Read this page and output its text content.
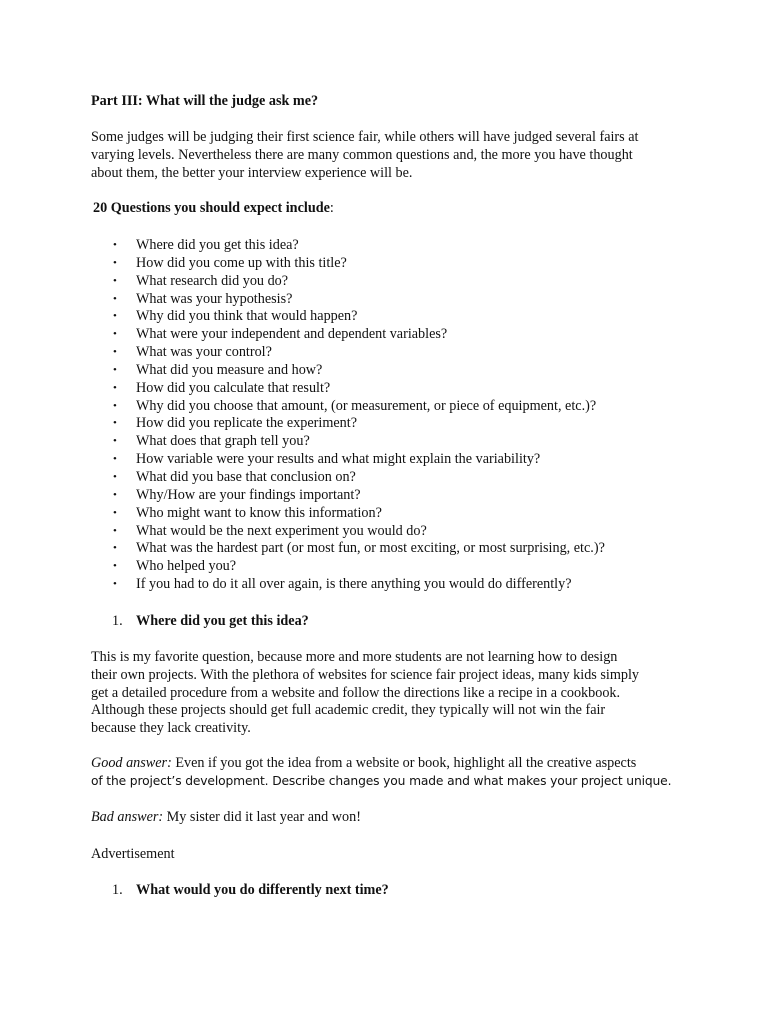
Part III: What will the judge ask me?

Some judges will be judging their first science fair, while others will have judged several fairs at

varying levels. Nevertheless there are many common questions and, the more you have thought

about them, the better your interview experience will be.

20 Questions you should expect include:
• Where did you get this idea?
• How did you come up with this title?
• What research did you do?
• What was your hypothesis?
• Why did you think that would happen?
• What were your independent and dependent variables?
• What was your control?
• What did you measure and how?
• How did you calculate that result?
• Why did you choose that amount, (or measurement, or piece of equipment, etc.)?
• How did you replicate the experiment?
• What does that graph tell you?
• How variable were your results and what might explain the variability?
• What did you base that conclusion on?
• Why/How are your findings important?
• Who might want to know this information?
• What would be the next experiment you would do?
• What was the hardest part (or most fun, or most exciting, or most surprising, etc.)?
• Who helped you?
• If you had to do it all over again, is there anything you would do differently?
1. Where did you get this idea?
This is my favorite question, because more and more students are not learning how to design
their own projects. With the plethora of websites for science fair project ideas, many kids simply
get a detailed procedure from a website and follow the directions like a recipe in a cookbook.
Although these projects should get full academic credit, they typically will not win the fair
because they lack creativity.
Good answer: Even if you got the idea from a website or book, highlight all the creative aspects
of the project’s development. Describe changes you made and what makes your project unique.
Bad answer: My sister did it last year and won!
Advertisement
1. What would you do differently next time?
